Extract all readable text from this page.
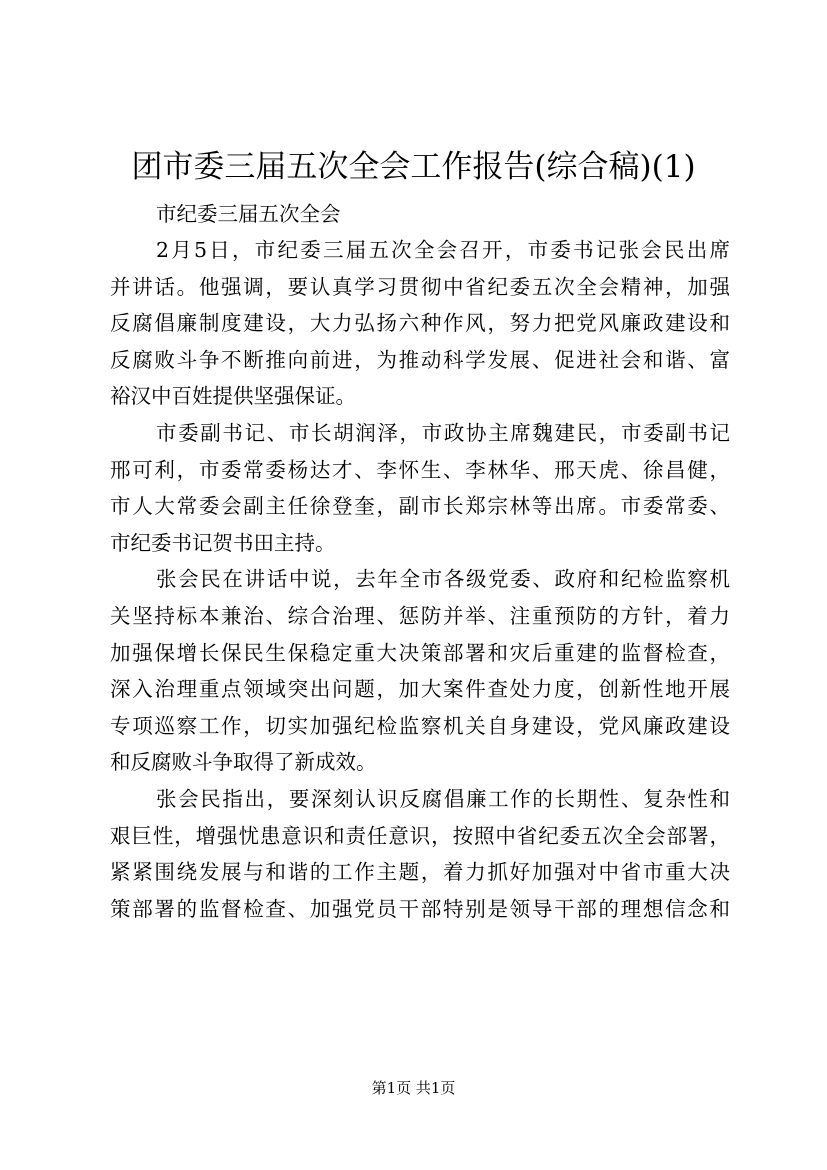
团市委三届五次全会工作报告(综合稿)(1)

市纪委三届五次全会

2月5日，市纪委三届五次全会召开，市委书记张会民出席

并讲话。他强调，要认真学习贯彻中省纪委五次全会精神，加强

反腐倡廉制度建设，大力弘扬六种作风，努力把党风廉政建设和

反腐败斗争不断推向前进，为推动科学发展、促进社会和谐、富

裕汉中百姓提供坚强保证。

市委副书记、市长胡润泽，市政协主席魏建民，市委副书记

邢可利，市委常委杨达才、李怀生、李林华、邢天虎、徐昌健，

市人大常委会副主任徐登奎，副市长郑宗林等出席。市委常委、

市纪委书记贺书田主持。

张会民在讲话中说，去年全市各级党委、政府和纪检监察机

关坚持标本兼治、综合治理、惩防并举、注重预防的方针，着力

加强保增长保民生保稳定重大决策部署和灾后重建的监督检查，

深入治理重点领域突出问题，加大案件查处力度，创新性地开展

专项巡察工作，切实加强纪检监察机关自身建设，党风廉政建设

和反腐败斗争取得了新成效。

张会民指出，要深刻认识反腐倡廉工作的长期性、复杂性和

艰巨性，增强忧患意识和责任意识，按照中省纪委五次全会部署，

紧紧围绕发展与和谐的工作主题，着力抓好加强对中省市重大决

策部署的监督检查、加强党员干部特别是领导干部的理想信念和

第1页 共1页
